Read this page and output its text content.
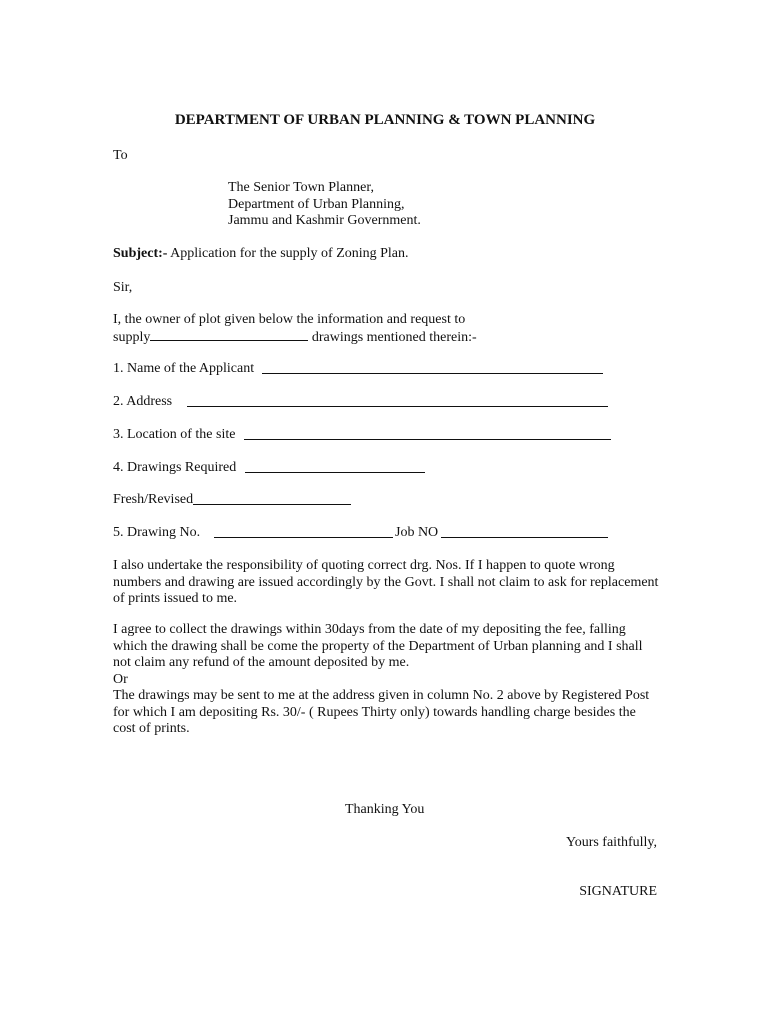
DEPARTMENT OF URBAN PLANNING & TOWN PLANNING
To
The Senior Town Planner,
Department of Urban Planning,
Jammu and Kashmir Government.
Subject:- Application for the supply of Zoning Plan.
Sir,
I, the owner of plot given below the information and request to
supply	drawings mentioned therein:-
1. Name of the Applicant
2. Address
3. Location of the site
4. Drawings Required
Fresh/Revised
5. Drawing No.	Job NO
I also undertake the responsibility of quoting correct drg. Nos. If I happen to quote wrong
numbers and drawing are issued accordingly by the Govt. I shall not claim to ask for replacement
of prints issued to me.
I agree to collect the drawings within 30days from the date of my depositing the fee, falling
which the drawing shall be come the property of the Department of Urban planning and I shall
not claim any refund of the amount deposited by me.
Or
The drawings may be sent to me at the address given in column No. 2 above by Registered Post
for which I am depositing Rs. 30/- ( Rupees Thirty only) towards handling charge besides the
cost of prints.
Thanking You
Yours faithfully,
SIGNATURE
